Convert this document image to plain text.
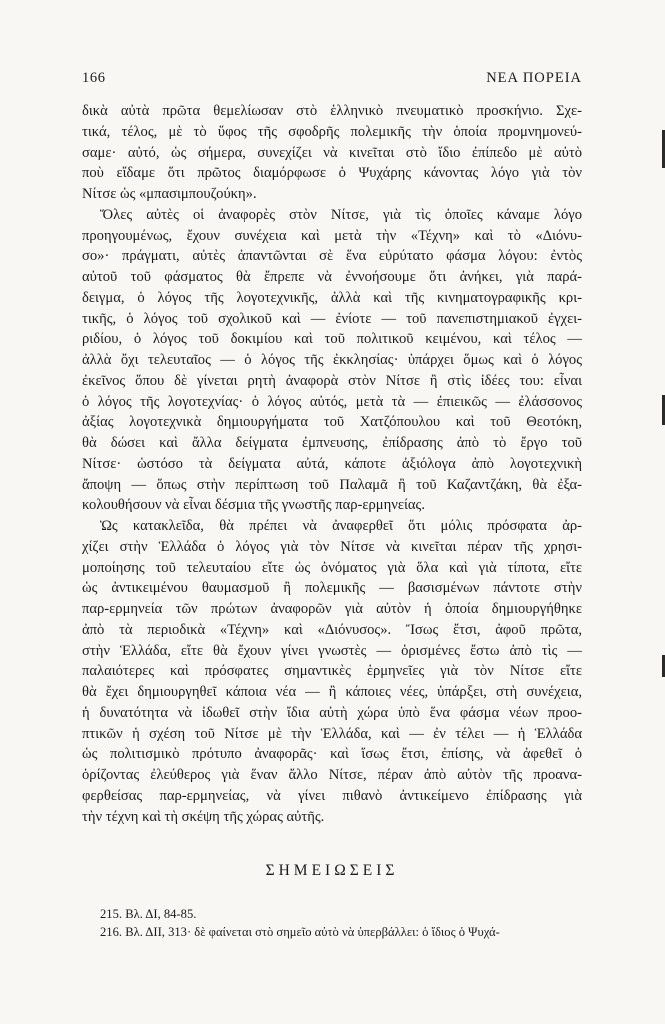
166	ΝΕΑ ΠΟΡΕΙΑ
δικὰ αὐτὰ πρῶτα θεμελίωσαν στὸ ἑλληνικὸ πνευματικὸ προσκήνιο. Σχε-
τικά, τέλος, μὲ τὸ ὕφος τῆς σφοδρῆς πολεμικῆς τὴν ὁποία προμνημονεύ-
σαμε· αὐτό, ὡς σήμερα, συνεχίζει νὰ κινεῖται στὸ ἴδιο ἐπίπεδο μὲ αὐτὸ
ποὺ εἴδαμε ὅτι πρῶτος διαμόρφωσε ὁ Ψυχάρης κάνοντας λόγο γιὰ τὸν
Νίτσε ὡς «μπασιμπουζούκη».
Ὅλες αὐτὲς οἱ ἀναφορὲς στὸν Νίτσε, γιὰ τὶς ὁποῖες κάναμε λόγο
προηγουμένως, ἔχουν συνέχεια καὶ μετὰ τὴν «Τέχνη» καὶ τὸ «Διόνυ-
σο»· πράγματι, αὐτὲς ἀπαντῶνται σὲ ἕνα εὐρύτατο φάσμα λόγου: ἐντὸς
αὐτοῦ τοῦ φάσματος θὰ ἔπρεπε νὰ ἐννοήσουμε ὅτι ἀνήκει, γιὰ παρά-
δειγμα, ὁ λόγος τῆς λογοτεχνικῆς, ἀλλὰ καὶ τῆς κινηματογραφικῆς κρι-
τικῆς, ὁ λόγος τοῦ σχολικοῦ καὶ — ἐνίοτε — τοῦ πανεπιστημιακοῦ ἐγχει-
ριδίου, ὁ λόγος τοῦ δοκιμίου καὶ τοῦ πολιτικοῦ κειμένου, καὶ τέλος —
ἀλλὰ ὄχι τελευταῖος — ὁ λόγος τῆς ἐκκλησίας· ὑπάρχει ὅμως καὶ ὁ λόγος
ἐκεῖνος ὅπου δὲ γίνεται ρητὴ ἀναφορὰ στὸν Νίτσε ἢ στὶς ἰδέες του: εἶναι
ὁ λόγος τῆς λογοτεχνίας· ὁ λόγος αὐτός, μετὰ τὰ — ἐπιεικῶς — ἐλάσσονος
ἀξίας λογοτεχνικὰ δημιουργήματα τοῦ Χατζόπουλου καὶ τοῦ Θεοτόκη,
θὰ δώσει καὶ ἄλλα δείγματα ἐμπνευσης, ἐπίδρασης ἀπὸ τὸ ἔργο τοῦ
Νίτσε· ὡστόσο τὰ δείγματα αὐτά, κάποτε ἀξιόλογα ἀπὸ λογοτεχνικὴ
ἄποψη — ὅπως στὴν περίπτωση τοῦ Παλαμᾶ ἢ τοῦ Καζαντζάκη, θὰ ἐξα-
κολουθήσουν νὰ εἶναι δέσμια τῆς γνωστῆς παρ-ερμηνείας.
Ὡς κατακλεῖδα, θὰ πρέπει νὰ ἀναφερθεῖ ὅτι μόλις πρόσφατα ἀρ-
χίζει στὴν Ἑλλάδα ὁ λόγος γιὰ τὸν Νίτσε νὰ κινεῖται πέραν τῆς χρησι-
μοποίησης τοῦ τελευταίου εἴτε ὡς ὀνόματος γιὰ ὅλα καὶ γιὰ τίποτα, εἴτε
ὡς ἀντικειμένου θαυμασμοῦ ἢ πολεμικῆς — βασισμένων πάντοτε στὴν
παρ-ερμηνεία τῶν πρώτων ἀναφορῶν γιὰ αὐτὸν ἡ ὁποία δημιουργήθηκε
ἀπὸ τὰ περιοδικὰ «Τέχνη» καὶ «Διόνυσος». Ἴσως ἔτσι, ἀφοῦ πρῶτα,
στὴν Ἑλλάδα, εἴτε θὰ ἔχουν γίνει γνωστὲς — ὁρισμένες ἔστω ἀπὸ τὶς —
παλαιότερες καὶ πρόσφατες σημαντικὲς ἑρμηνεῖες γιὰ τὸν Νίτσε εἴτε
θὰ ἔχει δημιουργηθεῖ κάποια νέα — ἢ κάποιες νέες, ὑπάρξει, στὴ συνέχεια,
ἡ δυνατότητα νὰ ἰδωθεῖ στὴν ἴδια αὐτὴ χώρα ὑπὸ ἕνα φάσμα νέων προο-
πτικῶν ἡ σχέση τοῦ Νίτσε μὲ τὴν Ἑλλάδα, καὶ — ἐν τέλει — ἡ Ἑλλάδα
ὡς πολιτισμικὸ πρότυπο ἀναφορᾶς· καὶ ἴσως ἔτσι, ἐπίσης, νὰ ἀφεθεῖ ὁ
ὁρίζοντας ἐλεύθερος γιὰ ἕναν ἄλλο Νίτσε, πέραν ἀπὸ αὐτὸν τῆς προανα-
φερθείσας παρ-ερμηνείας, νὰ γίνει πιθανὸ ἀντικείμενο ἐπίδρασης γιὰ
τὴν τέχνη καὶ τὴ σκέψη τῆς χώρας αὐτῆς.
ΣΗΜΕΙΩΣΕΙΣ
215. Βλ. ΔΙ, 84-85.
216. Βλ. ΔΙΙ, 313· δὲ φαίνεται στὸ σημεῖο αὐτὸ νὰ ὑπερβάλλει: ὁ ἴδιος ὁ Ψυχά-
